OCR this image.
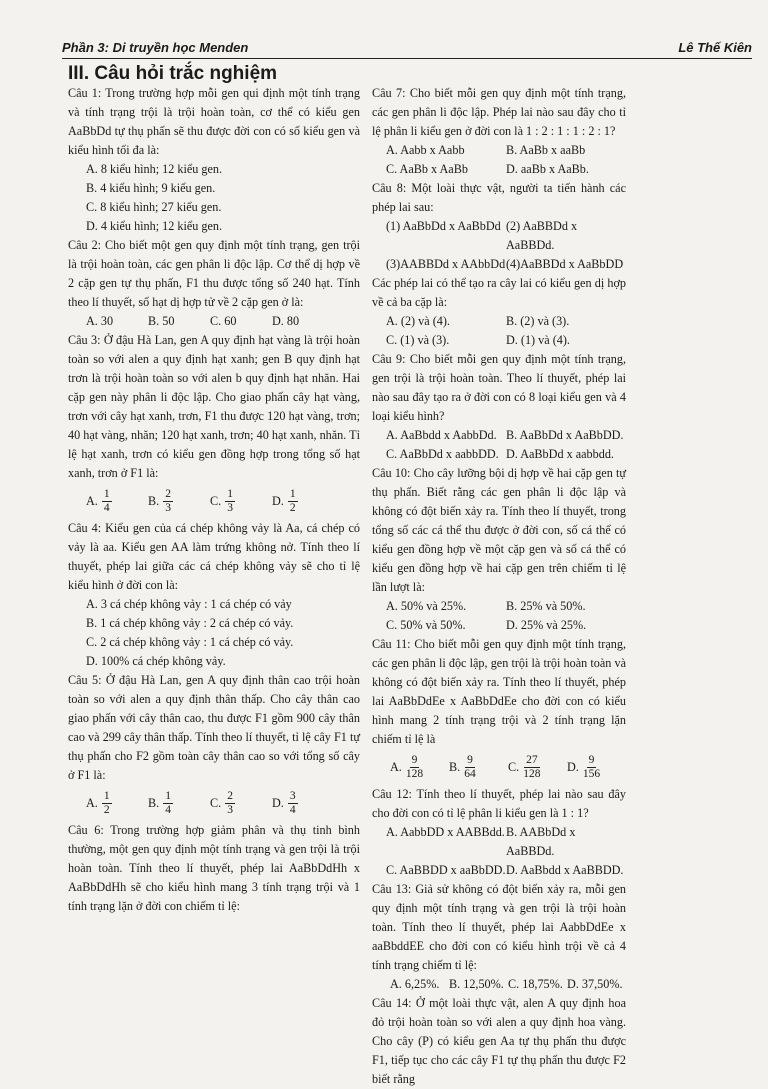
Phần 3: Di truyền học Menden	Lê Thế Kiên
III. Câu hỏi trắc nghiệm

Câu 1: Trong trường hợp mỗi gen qui định một tính trạng và tính trạng trội là trội hoàn toàn, cơ thể có kiểu gen AaBbDd tự thụ phấn sẽ thu được đời con có số kiểu gen và kiểu hình tối đa là:

A. 8 kiểu hình; 12 kiểu gen.
B. 4 kiểu hình; 9 kiểu gen.
C. 8 kiểu hình; 27 kiểu gen.
D. 4 kiểu hình; 12 kiểu gen.

Câu 2: Cho biết một gen quy định một tính trạng, gen trội là trội hoàn toàn, các gen phân li độc lập. Cơ thể dị hợp về 2 cặp gen tự thụ phấn, F1 thu được tổng số 240 hạt. Tính theo lí thuyết, số hạt dị hợp tử về 2 cặp gen ở là:

A. 30	B. 50	C. 60	D. 80

Câu 3: Ở đậu Hà Lan, gen A quy định hạt vàng là trội hoàn toàn so với alen a quy định hạt xanh; gen B quy định hạt trơn là trội hoàn toàn so với alen b quy định hạt nhăn. Hai cặp gen này phân li độc lập. Cho giao phấn cây hạt vàng, trơn với cây hạt xanh, trơn, F1 thu được 120 hạt vàng, trơn; 40 hạt vàng, nhăn; 120 hạt xanh, trơn; 40 hạt xanh, nhăn. Tỉ lệ hạt xanh, trơn có kiểu gen đồng hợp trong tổng số hạt xanh, trơn ở F1 là:

A. $\frac{1}{4}$	B. $\frac{2}{3}$	C. $\frac{1}{3}$	D. $\frac{1}{2}$

Câu 4: Kiểu gen của cá chép không vảy là Aa, cá chép có vảy là aa. Kiểu gen AA làm trứng không nở. Tính theo lí thuyết, phép lai giữa các cá chép không vảy sẽ cho tỉ lệ kiểu hình ở đời con là:

A. 3 cá chép không vảy : 1 cá chép có vảy
B. 1 cá chép không vảy : 2 cá chép có vảy.
C. 2 cá chép không vảy : 1 cá chép có vảy.
D. 100% cá chép không vảy.

Câu 5: Ở đậu Hà Lan, gen A quy định thân cao trội hoàn toàn so với alen a quy định thân thấp. Cho cây thân cao giao phấn với cây thân cao, thu được F1 gồm 900 cây thân cao và 299 cây thân thấp. Tính theo lí thuyết, tỉ lệ cây F1 tự thụ phấn cho F2 gồm toàn cây thân cao so với tổng số cây ở F1 là:

A. $\frac{1}{2}$	B. $\frac{1}{4}$	C. $\frac{2}{3}$	D. $\frac{3}{4}$

Câu 6: Trong trường hợp giảm phân và thụ tinh bình thường, một gen quy định một tính trạng và gen trội là trội hoàn toàn. Tính theo lí thuyết, phép lai AaBbDdHh x AaBbDdHh sẽ cho kiểu hình mang 3 tính trạng trội và 1 tính trạng lặn ở đời con chiếm tỉ lệ:

Câu 7: Cho biết mỗi gen quy định một tính trạng, các gen phân li độc lập. Phép lai nào sau đây cho tỉ lệ phân li kiểu gen ở đời con là 1 : 2 : 1 : 1 : 2 : 1?

A. Aabb x Aabb	B. AaBb x aaBb
C. AaBb x AaBb	D. aaBb x AaBb.

Câu 8: Một loài thực vật, người ta tiến hành các phép lai sau:

(1) AaBbDd x AaBbDd (2) AaBBDd x AaBBDd.
(3)AABBDd x AAbbDd (4)AaBBDd x AaBbDD

Các phép lai có thể tạo ra cây lai có kiểu gen dị hợp về cả ba cặp là:

A. (2) và (4).	B. (2) và (3).
C. (1) và (3).	D. (1) và (4).

Câu 9: Cho biết mỗi gen quy định một tính trạng, gen trội là trội hoàn toàn. Theo lí thuyết, phép lai nào sau đây tạo ra ở đời con có 8 loại kiểu gen và 4 loại kiểu hình?

A. AaBbdd x AabbDd. B. AaBbDd x AaBbDD.
C. AaBbDd x aabbDD. D. AaBbDd x aabbdd.

Câu 10: Cho cây lưỡng bội dị hợp về hai cặp gen tự thụ phấn. Biết rằng các gen phân li độc lập và không có đột biến xảy ra. Tính theo lí thuyết, trong tổng số các cá thể thu được ở đời con, số cá thể có kiểu gen đồng hợp về một cặp gen và số cá thể có kiểu gen đồng hợp về hai cặp gen trên chiếm tỉ lệ lần lượt là:

A. 50% và 25%.	B. 25% và 50%.
C. 50% và 50%.	D. 25% và 25%.

Câu 11: Cho biết mỗi gen quy định một tính trạng, các gen phân li độc lập, gen trội là trội hoàn toàn và không có đột biến xảy ra. Tính theo lí thuyết, phép lai AaBbDdEe x AaBbDdEe cho đời con có kiểu hình mang 2 tính trạng trội và 2 tính trạng lặn chiếm tỉ lệ là

A. $\frac{9}{128} B$. $\frac{9}{64}$	C. $\frac{27}{128} D$. $\frac{9}{156}$

Câu 12: Tính theo lí thuyết, phép lai nào sau đây cho đời con có tỉ lệ phân li kiểu gen là 1 : 1?

A. AabbDD x AABBdd. B. AABbDd x AaBBDd.
C. AaBBDD x aaBbDD. D. AaBbdd x AaBBDD.

Câu 13: Giả sử không có đột biến xảy ra, mỗi gen quy định một tính trạng và gen trội là trội hoàn toàn. Tính theo lí thuyết, phép lai AabbDdEe x aaBbddEE cho đời con có kiểu hình trội về cả 4 tính trạng chiếm tỉ lệ:

A. 6,25%. B. 12,50%. C. 18,75%. D. 37,50%.

Câu 14: Ở một loài thực vật, alen A quy định hoa đỏ trội hoàn toàn so với alen a quy định hoa vàng. Cho cây (P) có kiểu gen Aa tự thụ phấn thu được F1, tiếp tục cho các cây F1 tự thụ phấn thu được F2 biết rằng
